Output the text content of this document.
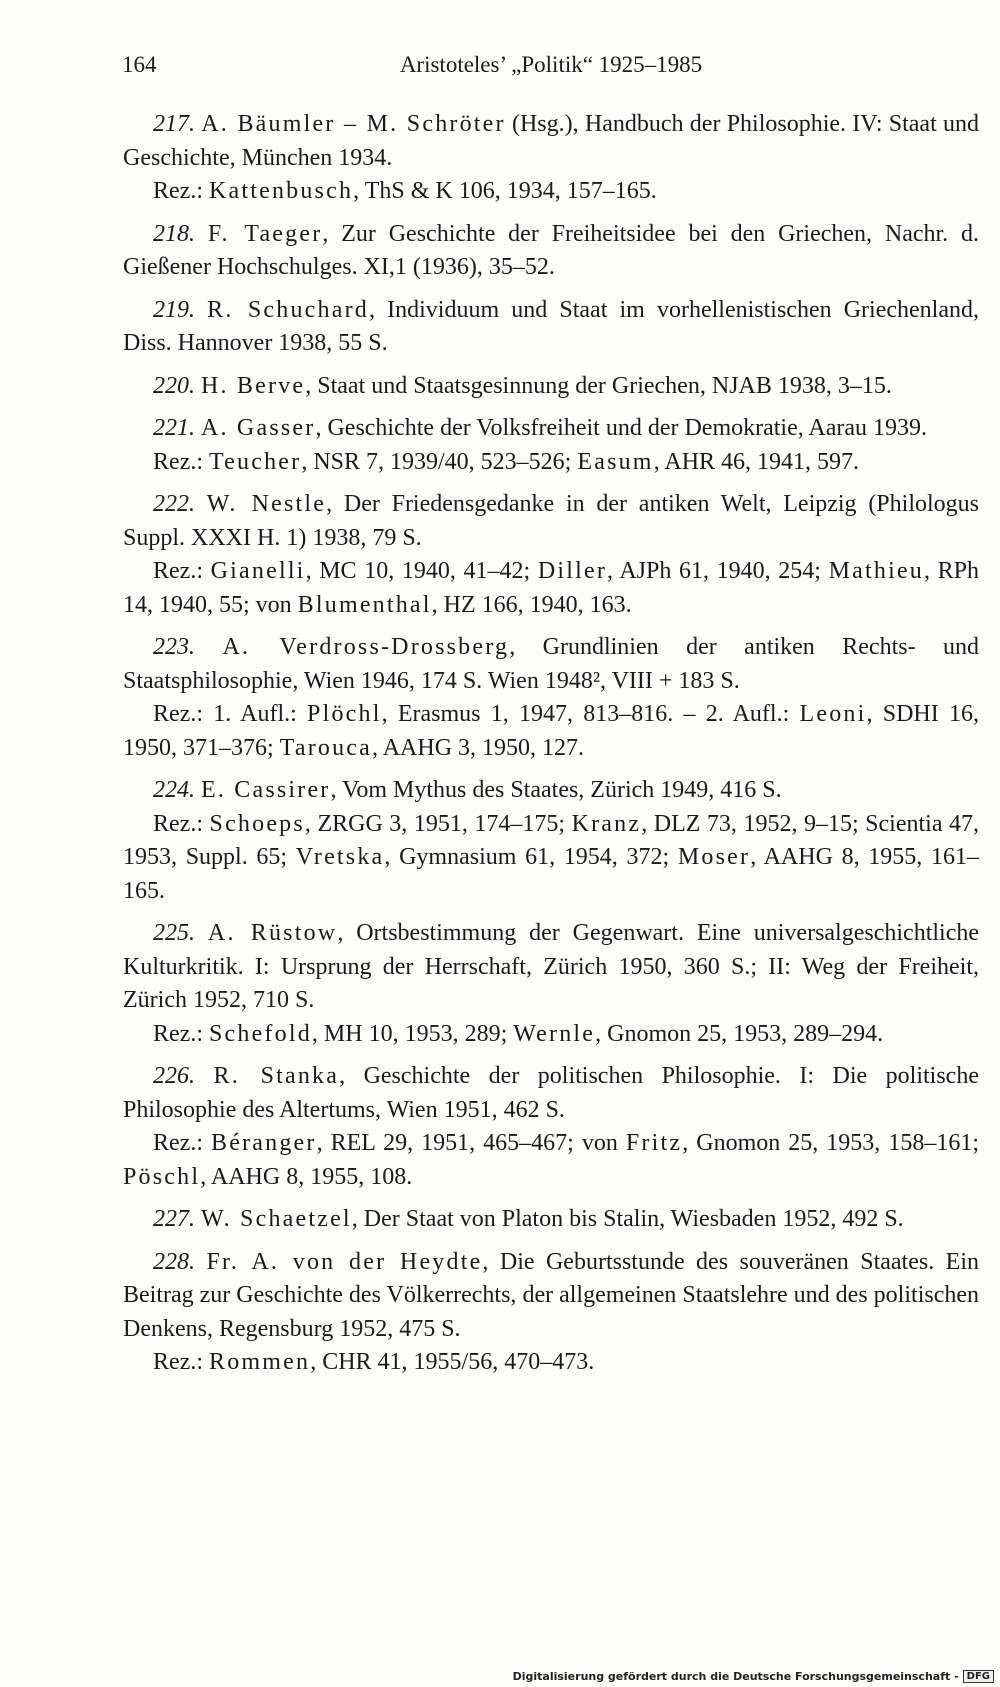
164	Aristoteles’ „Politik“ 1925–1985

217. A. Bäumler – M. Schröter (Hsg.), Handbuch der Philosophie. IV: Staat und Geschichte, München 1934.

Rez.: Kattenbusch, ThS & K 106, 1934, 157–165.

218. F. Taeger, Zur Geschichte der Freiheitsidee bei den Griechen, Nachr. d. Gießener Hochschulges. XI,1 (1936), 35–52.

219. R. Schuchard, Individuum und Staat im vorhellenistischen Griechenland, Diss. Hannover 1938, 55 S.

220. H. Berve, Staat und Staatsgesinnung der Griechen, NJAB 1938, 3–15.

221. A. Gasser, Geschichte der Volksfreiheit und der Demokratie, Aarau 1939.

Rez.: Teucher, NSR 7, 1939/40, 523–526; Easum, AHR 46, 1941, 597.

222. W. Nestle, Der Friedensgedanke in der antiken Welt, Leipzig (Philologus Suppl. XXXI H. 1) 1938, 79 S.

Rez.: Gianelli, MC 10, 1940, 41–42; Diller, AJPh 61, 1940, 254; Mathieu, RPh 14, 1940, 55; von Blumenthal, HZ 166, 1940, 163.

223. A. Verdross-Drossberg, Grundlinien der antiken Rechts- und Staatsphilosophie, Wien 1946, 174 S. Wien 1948², VIII + 183 S.

Rez.: 1. Aufl.: Plöchl, Erasmus 1, 1947, 813–816. – 2. Aufl.: Leoni, SDHI 16, 1950, 371–376; Tarouca, AAHG 3, 1950, 127.

224. E. Cassirer, Vom Mythus des Staates, Zürich 1949, 416 S.

Rez.: Schoeps, ZRGG 3, 1951, 174–175; Kranz, DLZ 73, 1952, 9–15; Scientia 47, 1953, Suppl. 65; Vretska, Gymnasium 61, 1954, 372; Moser, AAHG 8, 1955, 161–165.

225. A. Rüstow, Ortsbestimmung der Gegenwart. Eine universalgeschichtliche Kulturkritik. I: Ursprung der Herrschaft, Zürich 1950, 360 S.; II: Weg der Freiheit, Zürich 1952, 710 S.

Rez.: Schefold, MH 10, 1953, 289; Wernle, Gnomon 25, 1953, 289–294.

226. R. Stanka, Geschichte der politischen Philosophie. I: Die politische Philosophie des Altertums, Wien 1951, 462 S.

Rez.: Béranger, REL 29, 1951, 465–467; von Fritz, Gnomon 25, 1953, 158–161; Pöschl, AAHG 8, 1955, 108.

227. W. Schaetzel, Der Staat von Platon bis Stalin, Wiesbaden 1952, 492 S.

228. Fr. A. von der Heydte, Die Geburtsstunde des souveränen Staates. Ein Beitrag zur Geschichte des Völkerrechts, der allgemeinen Staatslehre und des politischen Denkens, Regensburg 1952, 475 S.

Rez.: Rommen, CHR 41, 1955/56, 470–473.

Digitalisierung gefördert durch die Deutsche Forschungsgemeinschaft - DFG
